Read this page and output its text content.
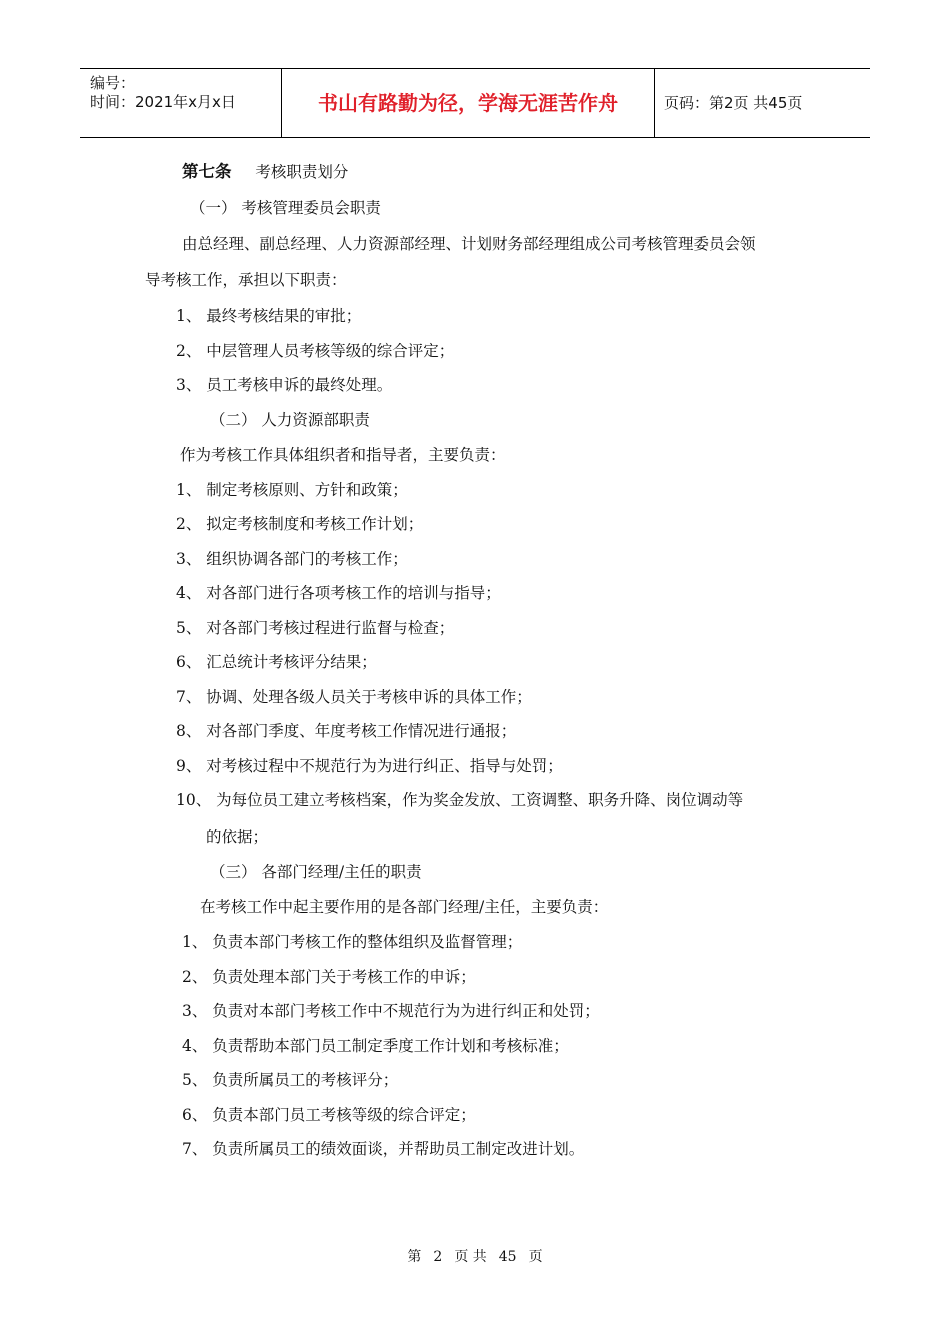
编号：
时间：2021年x月x日	书山有路勤为径，学海无涯苦作舟	页码：第2页 共45页
第七条 考核职责划分
（一） 考核管理委员会职责
由总经理、副总经理、人力资源部经理、计划财务部经理组成公司考核管理委员会领
导考核工作，承担以下职责：
1、 最终考核结果的审批；
2、 中层管理人员考核等级的综合评定；
3、 员工考核申诉的最终处理。
（二） 人力资源部职责
作为考核工作具体组织者和指导者，主要负责：
1、 制定考核原则、方针和政策；
2、 拟定考核制度和考核工作计划；
3、 组织协调各部门的考核工作；
4、 对各部门进行各项考核工作的培训与指导；
5、 对各部门考核过程进行监督与检查；
6、 汇总统计考核评分结果；
7、 协调、处理各级人员关于考核申诉的具体工作；
8、 对各部门季度、年度考核工作情况进行通报；
9、 对考核过程中不规范行为为进行纠正、指导与处罚；
10、 为每位员工建立考核档案，作为奖金发放、工资调整、职务升降、岗位调动等
的依据；
（三） 各部门经理/主任的职责
在考核工作中起主要作用的是各部门经理/主任，主要负责：
1、 负责本部门考核工作的整体组织及监督管理；
2、 负责处理本部门关于考核工作的申诉；
3、 负责对本部门考核工作中不规范行为为进行纠正和处罚；
4、 负责帮助本部门员工制定季度工作计划和考核标准；
5、 负责所属员工的考核评分；
6、 负责本部门员工考核等级的综合评定；
7、 负责所属员工的绩效面谈，并帮助员工制定改进计划。
第 2 页 共 45 页
